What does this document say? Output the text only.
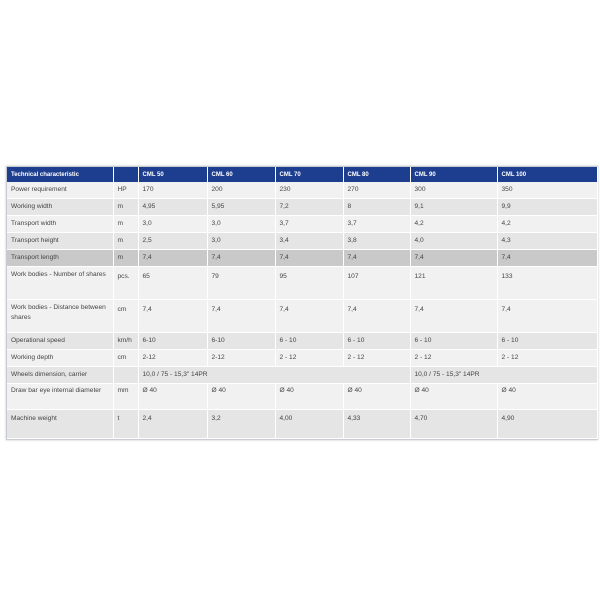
Technical characteristic		CML 50	CML 60	CML 70	CML 80	CML 90	CML 100
Power requirement	HP	170	200	230	270	300	350
Working width	m	4,95	5,95	7,2	8	9,1	9,9
Transport width	m	3,0	3,0	3,7	3,7	4,2	4,2
Transport height	m	2,5	3,0	3,4	3,8	4,0	4,3
Transport length	m	7,4	7,4	7,4	7,4	7,4	7,4
Work bodies - Number of shares	pcs.	65	79	95	107	121	133
Work bodies - Distance between shares	cm	7,4	7,4	7,4	7,4	7,4	7,4
Operational speed	km/h	6-10	6-10	6 - 10	6 - 10	6 - 10	6 - 10
Working depth	cm	2-12	2-12	2 - 12	2 - 12	2 - 12	2 - 12
Wheels dimension, carrier		10,0 / 75 - 15,3" 14PR				10,0 / 75 - 15,3" 14PR	
Draw bar eye internal diameter	mm	Ø 40	Ø 40	Ø 40	Ø 40	Ø 40	Ø 40
Machine weight	t	2,4	3,2	4,00	4,33	4,70	4,90
